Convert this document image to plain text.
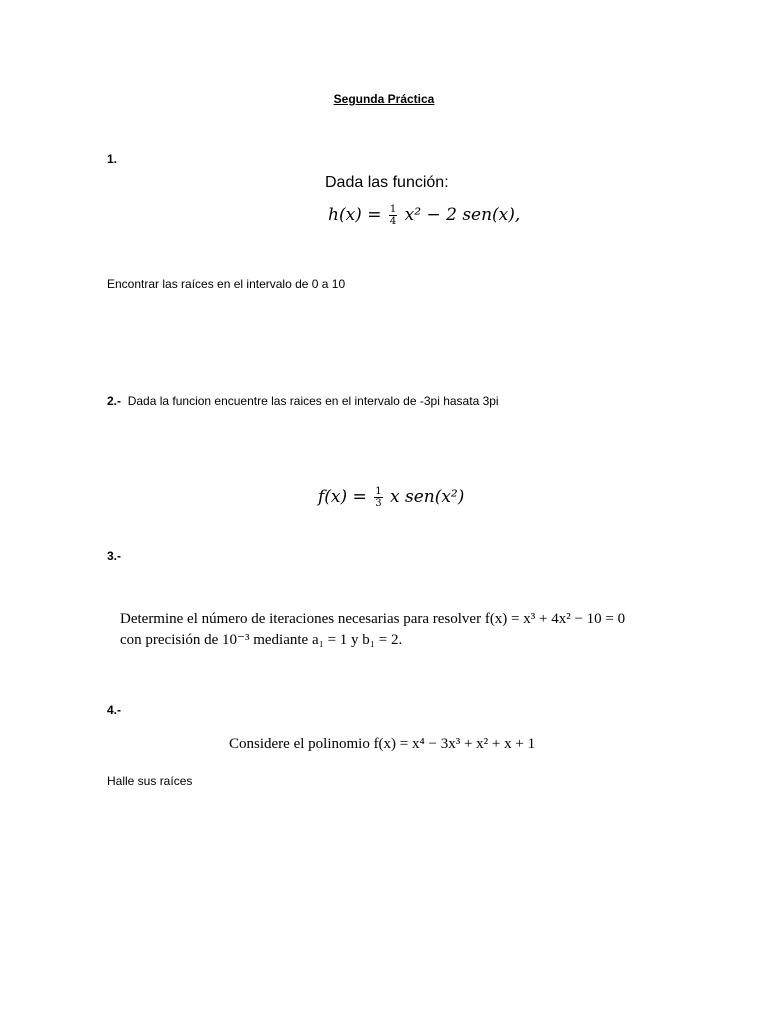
Segunda Práctica
1.
Dada las función:
$h(x) = \frac{1}{4} x^2 - 2$ sen(x),
Encontrar las raíces en el intervalo de 0 a 10
2.- Dada la funcion encuentre las raices en el intervalo de -3pi hasata 3pi
$f(x) = \frac{1}{3}$ x sen(x²)
3.-
Determine el número de iteraciones necesarias para resolver f(x) = x³ + 4x² − 10 = 0
con precisión de 10⁻³ mediante a₁ = 1 y b₁ = 2.
4.-
Considere el polinomio f(x) = x⁴ − 3x³ + x² + x + 1
Halle sus raíces
